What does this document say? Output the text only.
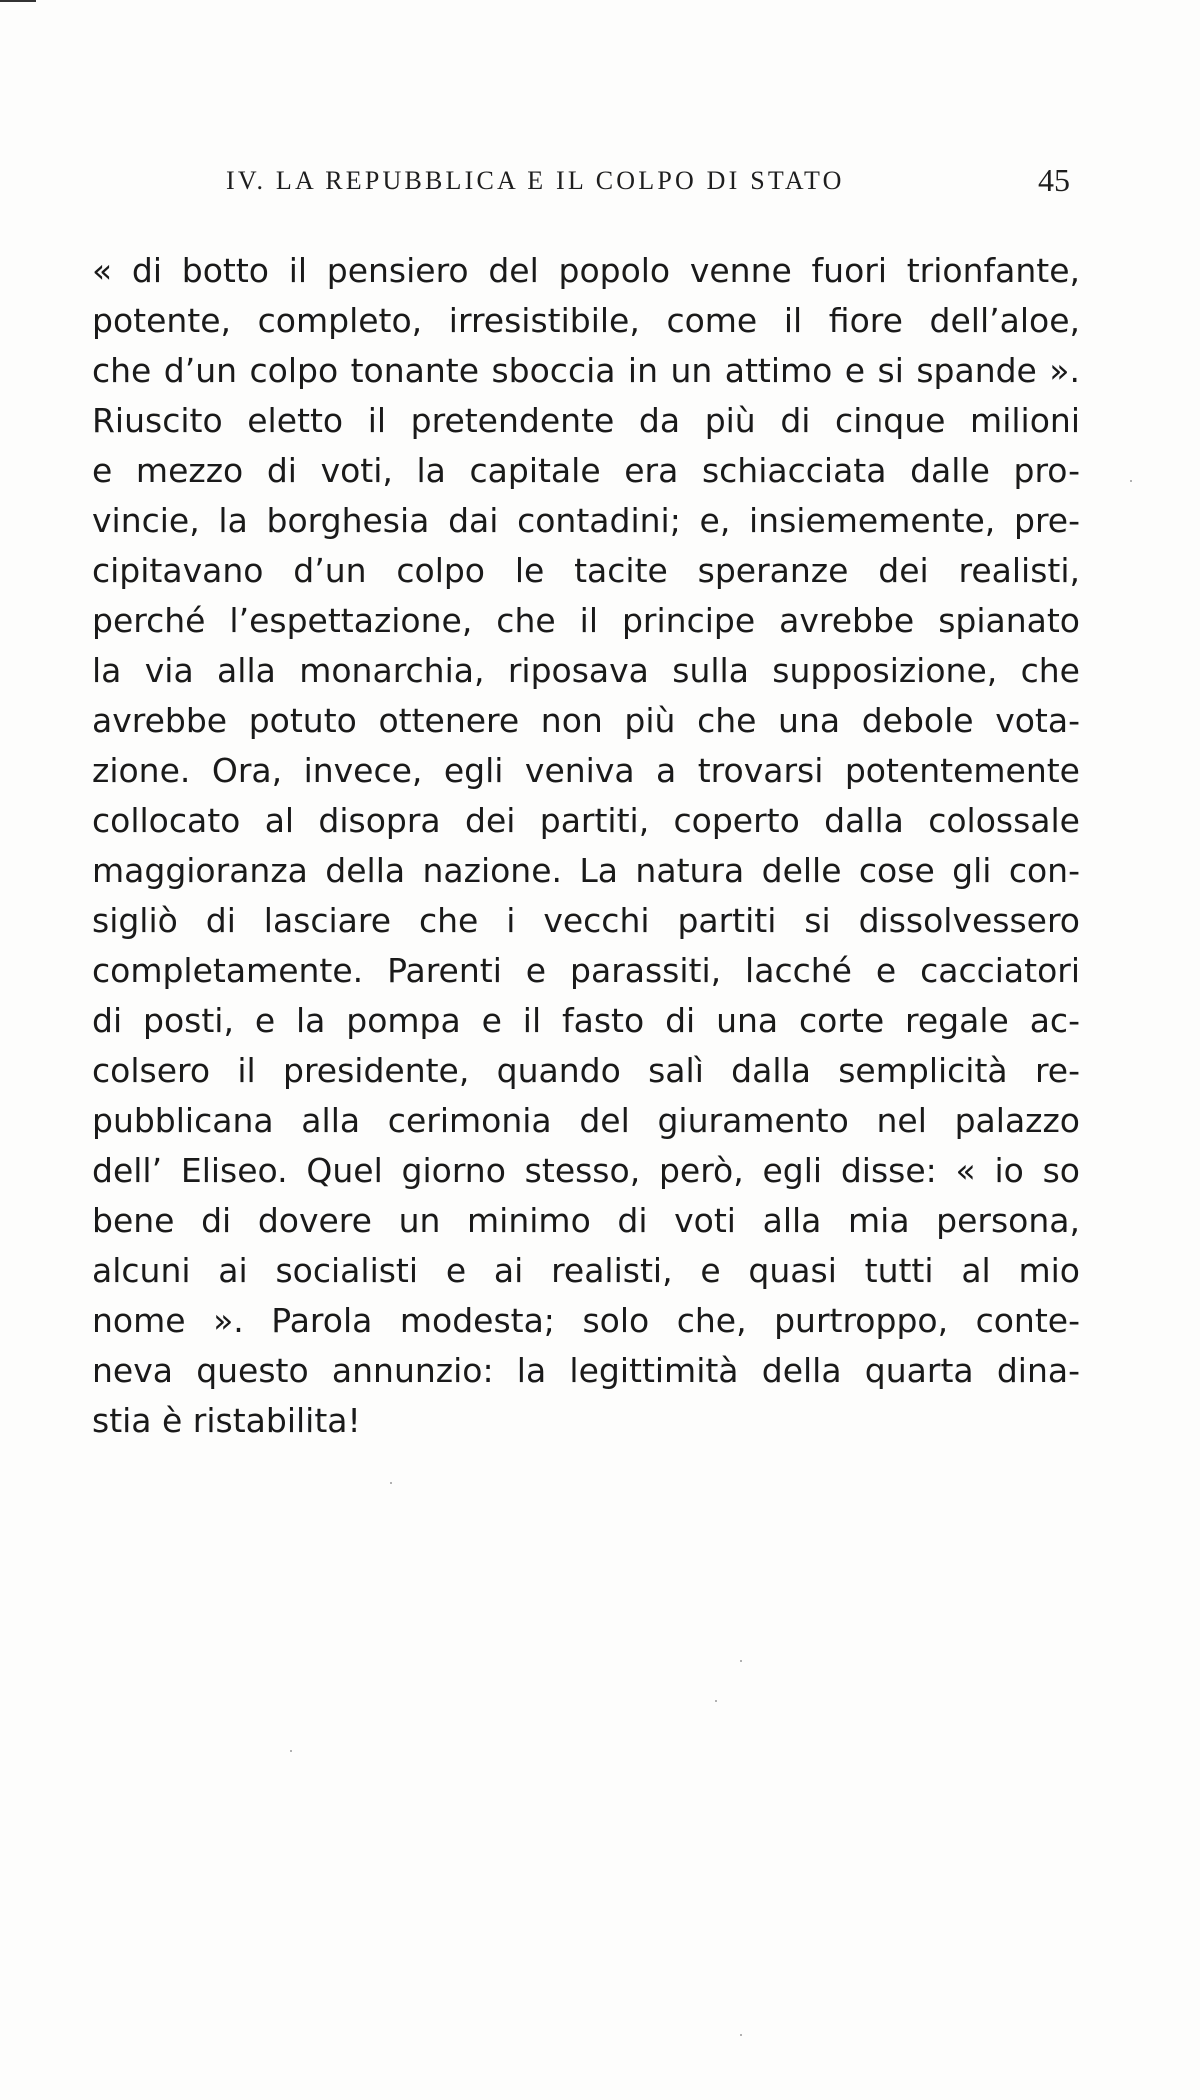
IV. LA REPUBBLICA E IL COLPO DI STATO	45
« di botto il pensiero del popolo venne fuori trionfante,
potente, completo, irresistibile, come il fiore dell’aloe,
che d’un colpo tonante sboccia in un attimo e si spande ».
Riuscito eletto il pretendente da più di cinque milioni
e mezzo di voti, la capitale era schiacciata dalle pro-
vincie, la borghesia dai contadini; e, insiememente, pre-
cipitavano d’un colpo le tacite speranze dei realisti,
perché l’espettazione, che il principe avrebbe spianato
la via alla monarchia, riposava sulla supposizione, che
avrebbe potuto ottenere non più che una debole vota-
zione. Ora, invece, egli veniva a trovarsi potentemente
collocato al disopra dei partiti, coperto dalla colossale
maggioranza della nazione. La natura delle cose gli con-
sigliò di lasciare che i vecchi partiti si dissolvessero
completamente. Parenti e parassiti, lacché e cacciatori
di posti, e la pompa e il fasto di una corte regale ac-
colsero il presidente, quando salì dalla semplicità re-
pubblicana alla cerimonia del giuramento nel palazzo
dell’ Eliseo. Quel giorno stesso, però, egli disse: « io so
bene di dovere un minimo di voti alla mia persona,
alcuni ai socialisti e ai realisti, e quasi tutti al mio
nome ». Parola modesta; solo che, purtroppo, conte-
neva questo annunzio: la legittimità della quarta dina-
stia è ristabilita!
